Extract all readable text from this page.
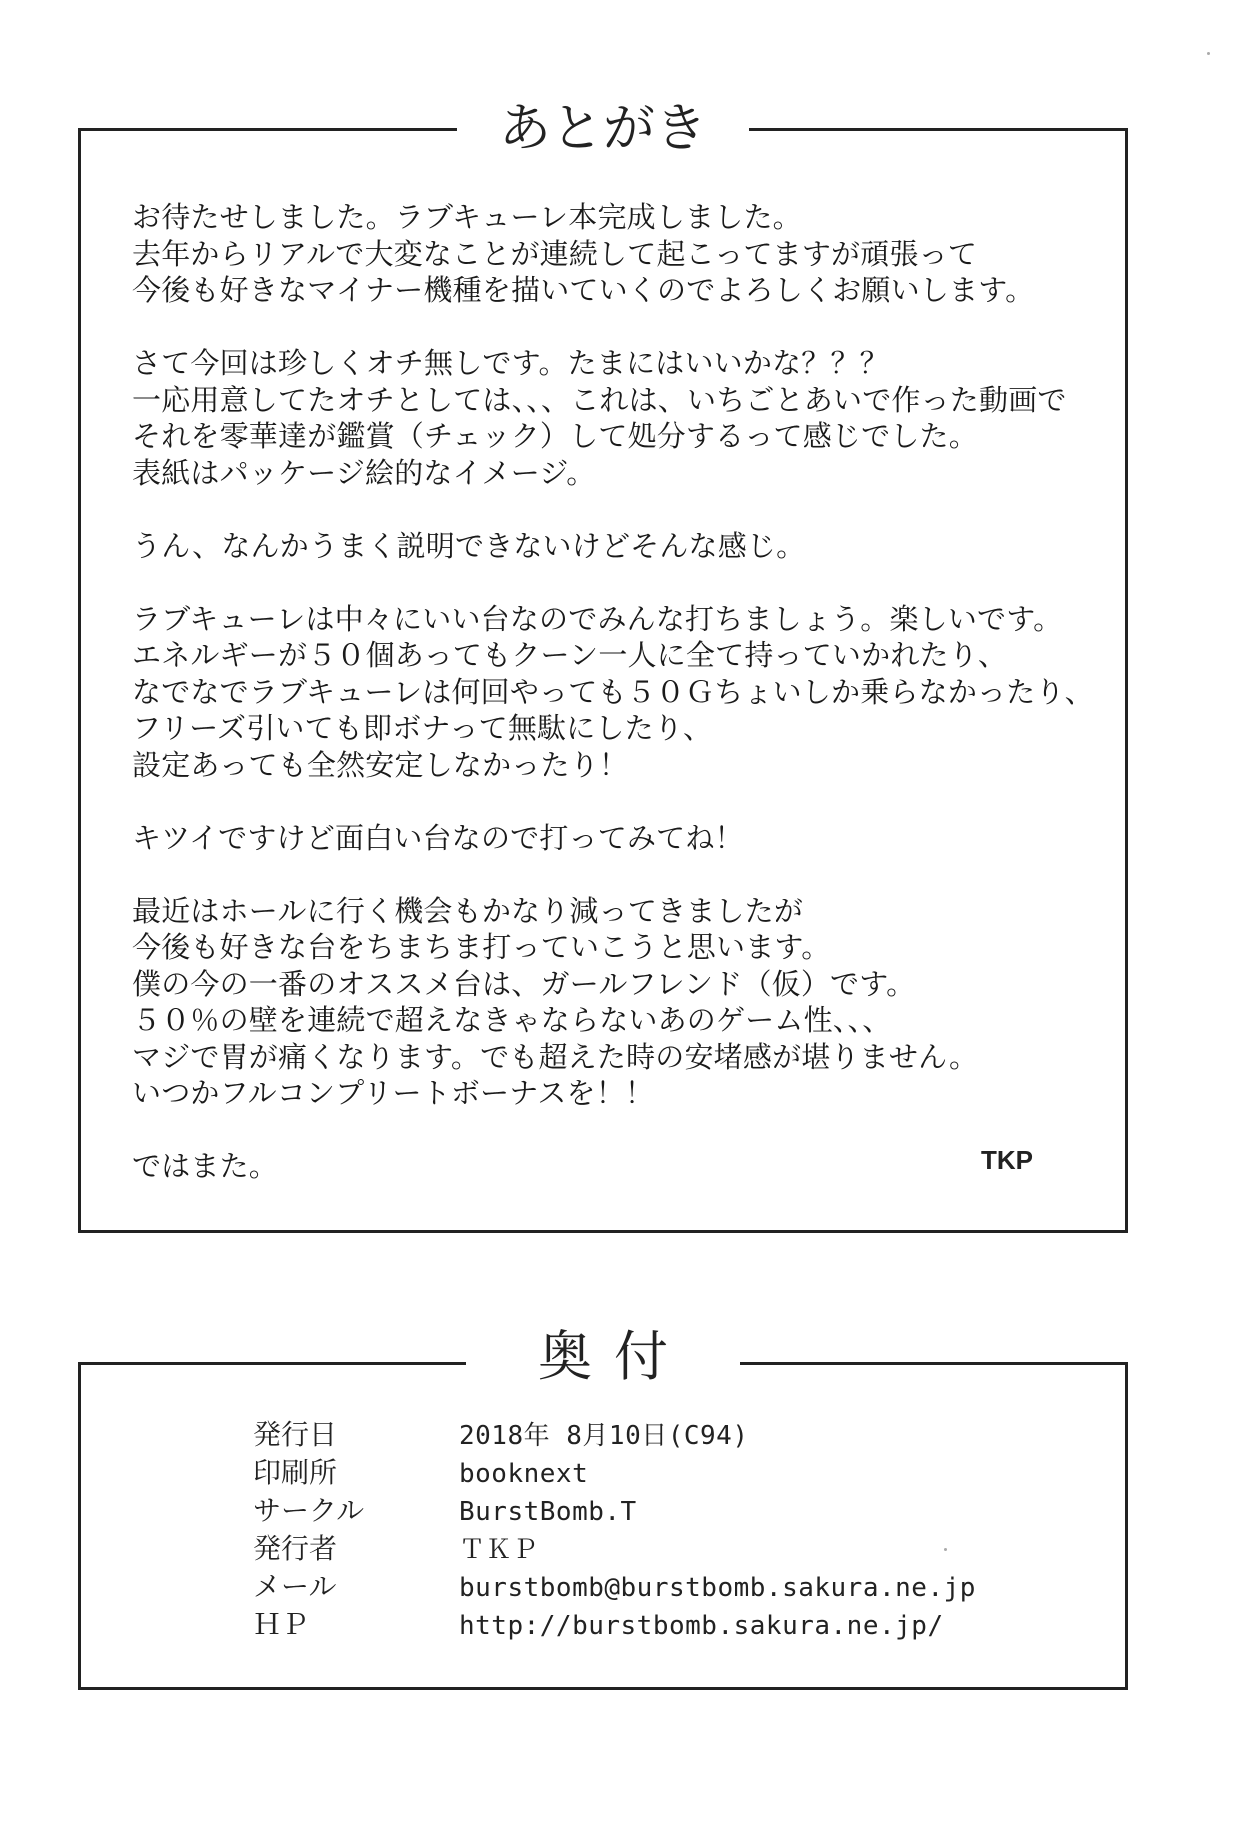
あとがき
お待たせしました。ラブキューレ本完成しました。
去年からリアルで大変なことが連続して起こってますが頑張って
今後も好きなマイナー機種を描いていくのでよろしくお願いします。
さて今回は珍しくオチ無しです。たまにはいいかな？？？
一応用意してたオチとしては、、、これは、いちごとあいで作った動画で
それを零華達が鑑賞（チェック）して処分するって感じでした。
表紙はパッケージ絵的なイメージ。
うん、なんかうまく説明できないけどそんな感じ。
ラブキューレは中々にいい台なのでみんな打ちましょう。楽しいです。
エネルギーが５０個あってもクーン一人に全て持っていかれたり、
なでなでラブキューレは何回やっても５０Ｇちょいしか乗らなかったり、
フリーズ引いても即ボナって無駄にしたり、
設定あっても全然安定しなかったり！
キツイですけど面白い台なので打ってみてね！
最近はホールに行く機会もかなり減ってきましたが
今後も好きな台をちまちま打っていこうと思います。
僕の今の一番のオススメ台は、ガールフレンド（仮）です。
５０％の壁を連続で超えなきゃならないあのゲーム性、、、
マジで胃が痛くなります。でも超えた時の安堵感が堪りません。
いつかフルコンプリートボーナスを！！
ではまた。	TKP
奥付
発行日	2018年 8月10日(C94)
印刷所	booknext
サークル	BurstBomb.T
発行者	ＴＫＰ
メール	burstbomb@burstbomb.sakura.ne.jp
ＨＰ	http://burstbomb.sakura.ne.jp/
